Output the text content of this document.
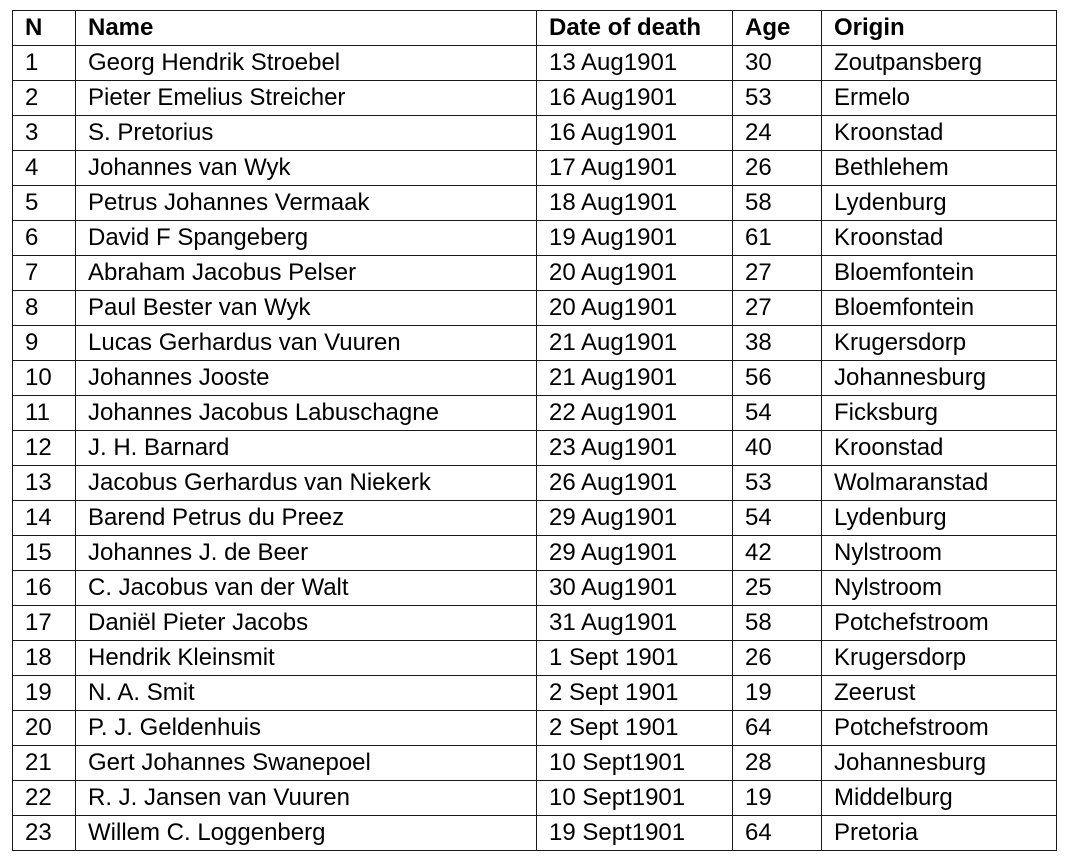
N	Name	Date of death	Age	Origin
1	Georg Hendrik Stroebel	13 Aug1901	30	Zoutpansberg
2	Pieter Emelius Streicher	16 Aug1901	53	Ermelo
3	S. Pretorius	16 Aug1901	24	Kroonstad
4	Johannes van Wyk	17 Aug1901	26	Bethlehem
5	Petrus Johannes Vermaak	18 Aug1901	58	Lydenburg
6	David F Spangeberg	19 Aug1901	61	Kroonstad
7	Abraham Jacobus Pelser	20 Aug1901	27	Bloemfontein
8	Paul Bester van Wyk	20 Aug1901	27	Bloemfontein
9	Lucas Gerhardus van Vuuren	21 Aug1901	38	Krugersdorp
10	Johannes Jooste	21 Aug1901	56	Johannesburg
11	Johannes Jacobus Labuschagne	22 Aug1901	54	Ficksburg
12	J. H. Barnard	23 Aug1901	40	Kroonstad
13	Jacobus Gerhardus van Niekerk	26 Aug1901	53	Wolmaranstad
14	Barend Petrus du Preez	29 Aug1901	54	Lydenburg
15	Johannes J. de Beer	29 Aug1901	42	Nylstroom
16	C. Jacobus van der Walt	30 Aug1901	25	Nylstroom
17	Daniël Pieter Jacobs	31 Aug1901	58	Potchefstroom
18	Hendrik Kleinsmit	1 Sept 1901	26	Krugersdorp
19	N. A. Smit	2 Sept 1901	19	Zeerust
20	P. J. Geldenhuis	2 Sept 1901	64	Potchefstroom
21	Gert Johannes Swanepoel	10 Sept1901	28	Johannesburg
22	R. J. Jansen van Vuuren	10 Sept1901	19	Middelburg
23	Willem C. Loggenberg	19 Sept1901	64	Pretoria
